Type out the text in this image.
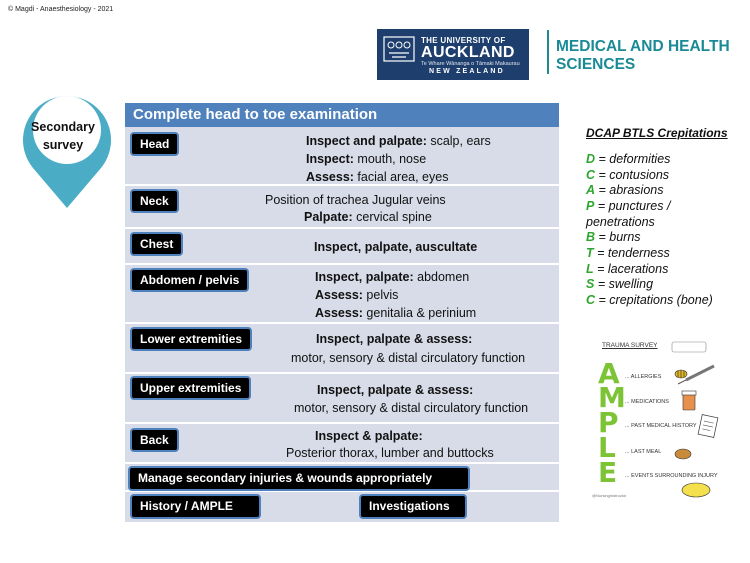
© Magdi - Anaesthesiology - 2021
THE UNIVERSITY OF
AUCKLAND
Te Whare Wānanga o Tāmaki Makaurau
NEW ZEALAND
MEDICAL AND HEALTH SCIENCES
Secondary survey
Complete head to toe examination
Head	Inspect and palpate: scalp, ears
Inspect: mouth, nose
Assess: facial area, eyes
Neck	Position of trachea Jugular veins
Palpate: cervical spine
Chest	Inspect, palpate, auscultate
Abdomen / pelvis	Inspect, palpate: abdomen
Assess: pelvis
Assess: genitalia & perinium
Lower extremities	Inspect, palpate & assess:
motor, sensory & distal circulatory function
Upper extremities	Inspect, palpate & assess:
motor, sensory & distal circulatory function
Back	Inspect & palpate:
Posterior thorax, lumber and buttocks
Manage secondary injuries & wounds appropriately
History / AMPLE	Investigations
DCAP BTLS Crepitations
D = deformities
C = contusions
A = abrasions
P = punctures /
penetrations
B = burns
T = tenderness
L = lacerations
S = swelling
C = crepitations (bone)
TRAUMA SURVEY
A ... ALLERGIES
M ... MEDICATIONS
P ... PAST MEDICAL HISTORY
L ... LAST MEAL
E ... EVENTS SURROUNDING INJURY
@NursingInstructor
